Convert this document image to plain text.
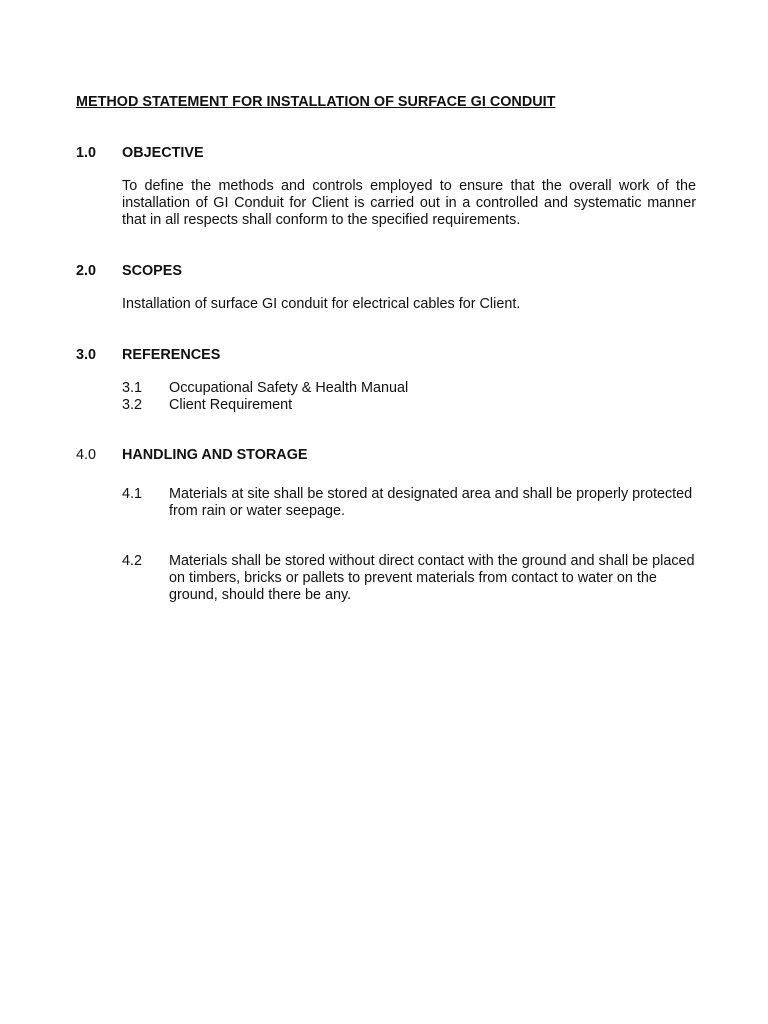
METHOD STATEMENT FOR INSTALLATION OF SURFACE GI CONDUIT
1.0	OBJECTIVE
To define the methods and controls employed to ensure that the overall work of the installation of GI Conduit for Client is carried out in a controlled and systematic manner that in all respects shall conform to the specified requirements.
2.0	SCOPES
Installation of surface GI conduit for electrical cables for Client.
3.0	REFERENCES
3.1	Occupational Safety & Health Manual
3.2	Client Requirement
4.0	HANDLING AND STORAGE
4.1	Materials at site shall be stored at designated area and shall be properly protected from rain or water seepage.
4.2	Materials shall be stored without direct contact with the ground and shall be placed on timbers, bricks or pallets to prevent materials from contact to water on the ground, should there be any.
